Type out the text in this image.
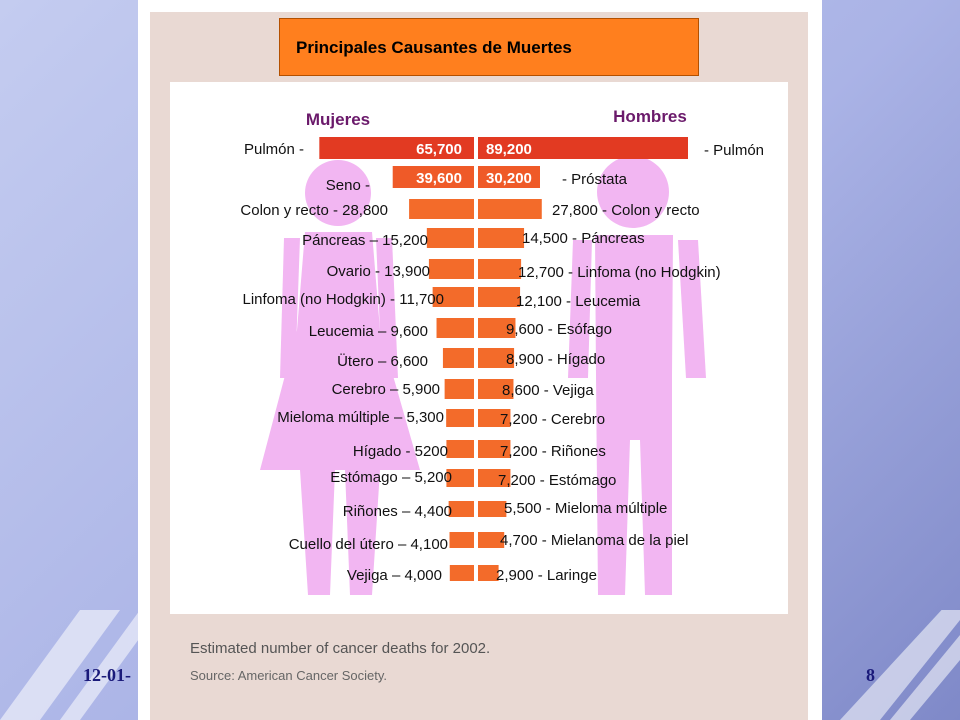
12-01-	8
65,700
39,600
89,200
30,200
Mujeres	Hombres
Pulmón -
Seno -
Colon y recto - 28,800
Páncreas – 15,200
Ovario - 13,900
Linfoma (no Hodgkin) - 11,700
Leucemia – 9,600
Ütero – 6,600
Cerebro – 5,900
Mieloma múltiple – 5,300
Hígado - 5200
Estómago – 5,200
Riñones – 4,400
Cuello del útero – 4,100
Vejiga – 4,000
- Pulmón
- Próstata
27,800 - Colon y recto
14,500 - Páncreas
12,700 - Linfoma (no Hodgkin)
12,100 - Leucemia
9,600 - Esófago
8,900 - Hígado
8,600 - Vejiga
7,200 - Cerebro
7,200 - Riñones
7,200 - Estómago
5,500 - Mieloma múltiple
4,700 - Mielanoma de la piel
2,900 - Laringe
Principales Causantes de Muertes
Estimated number of cancer deaths for 2002.
Source: American Cancer Society.
